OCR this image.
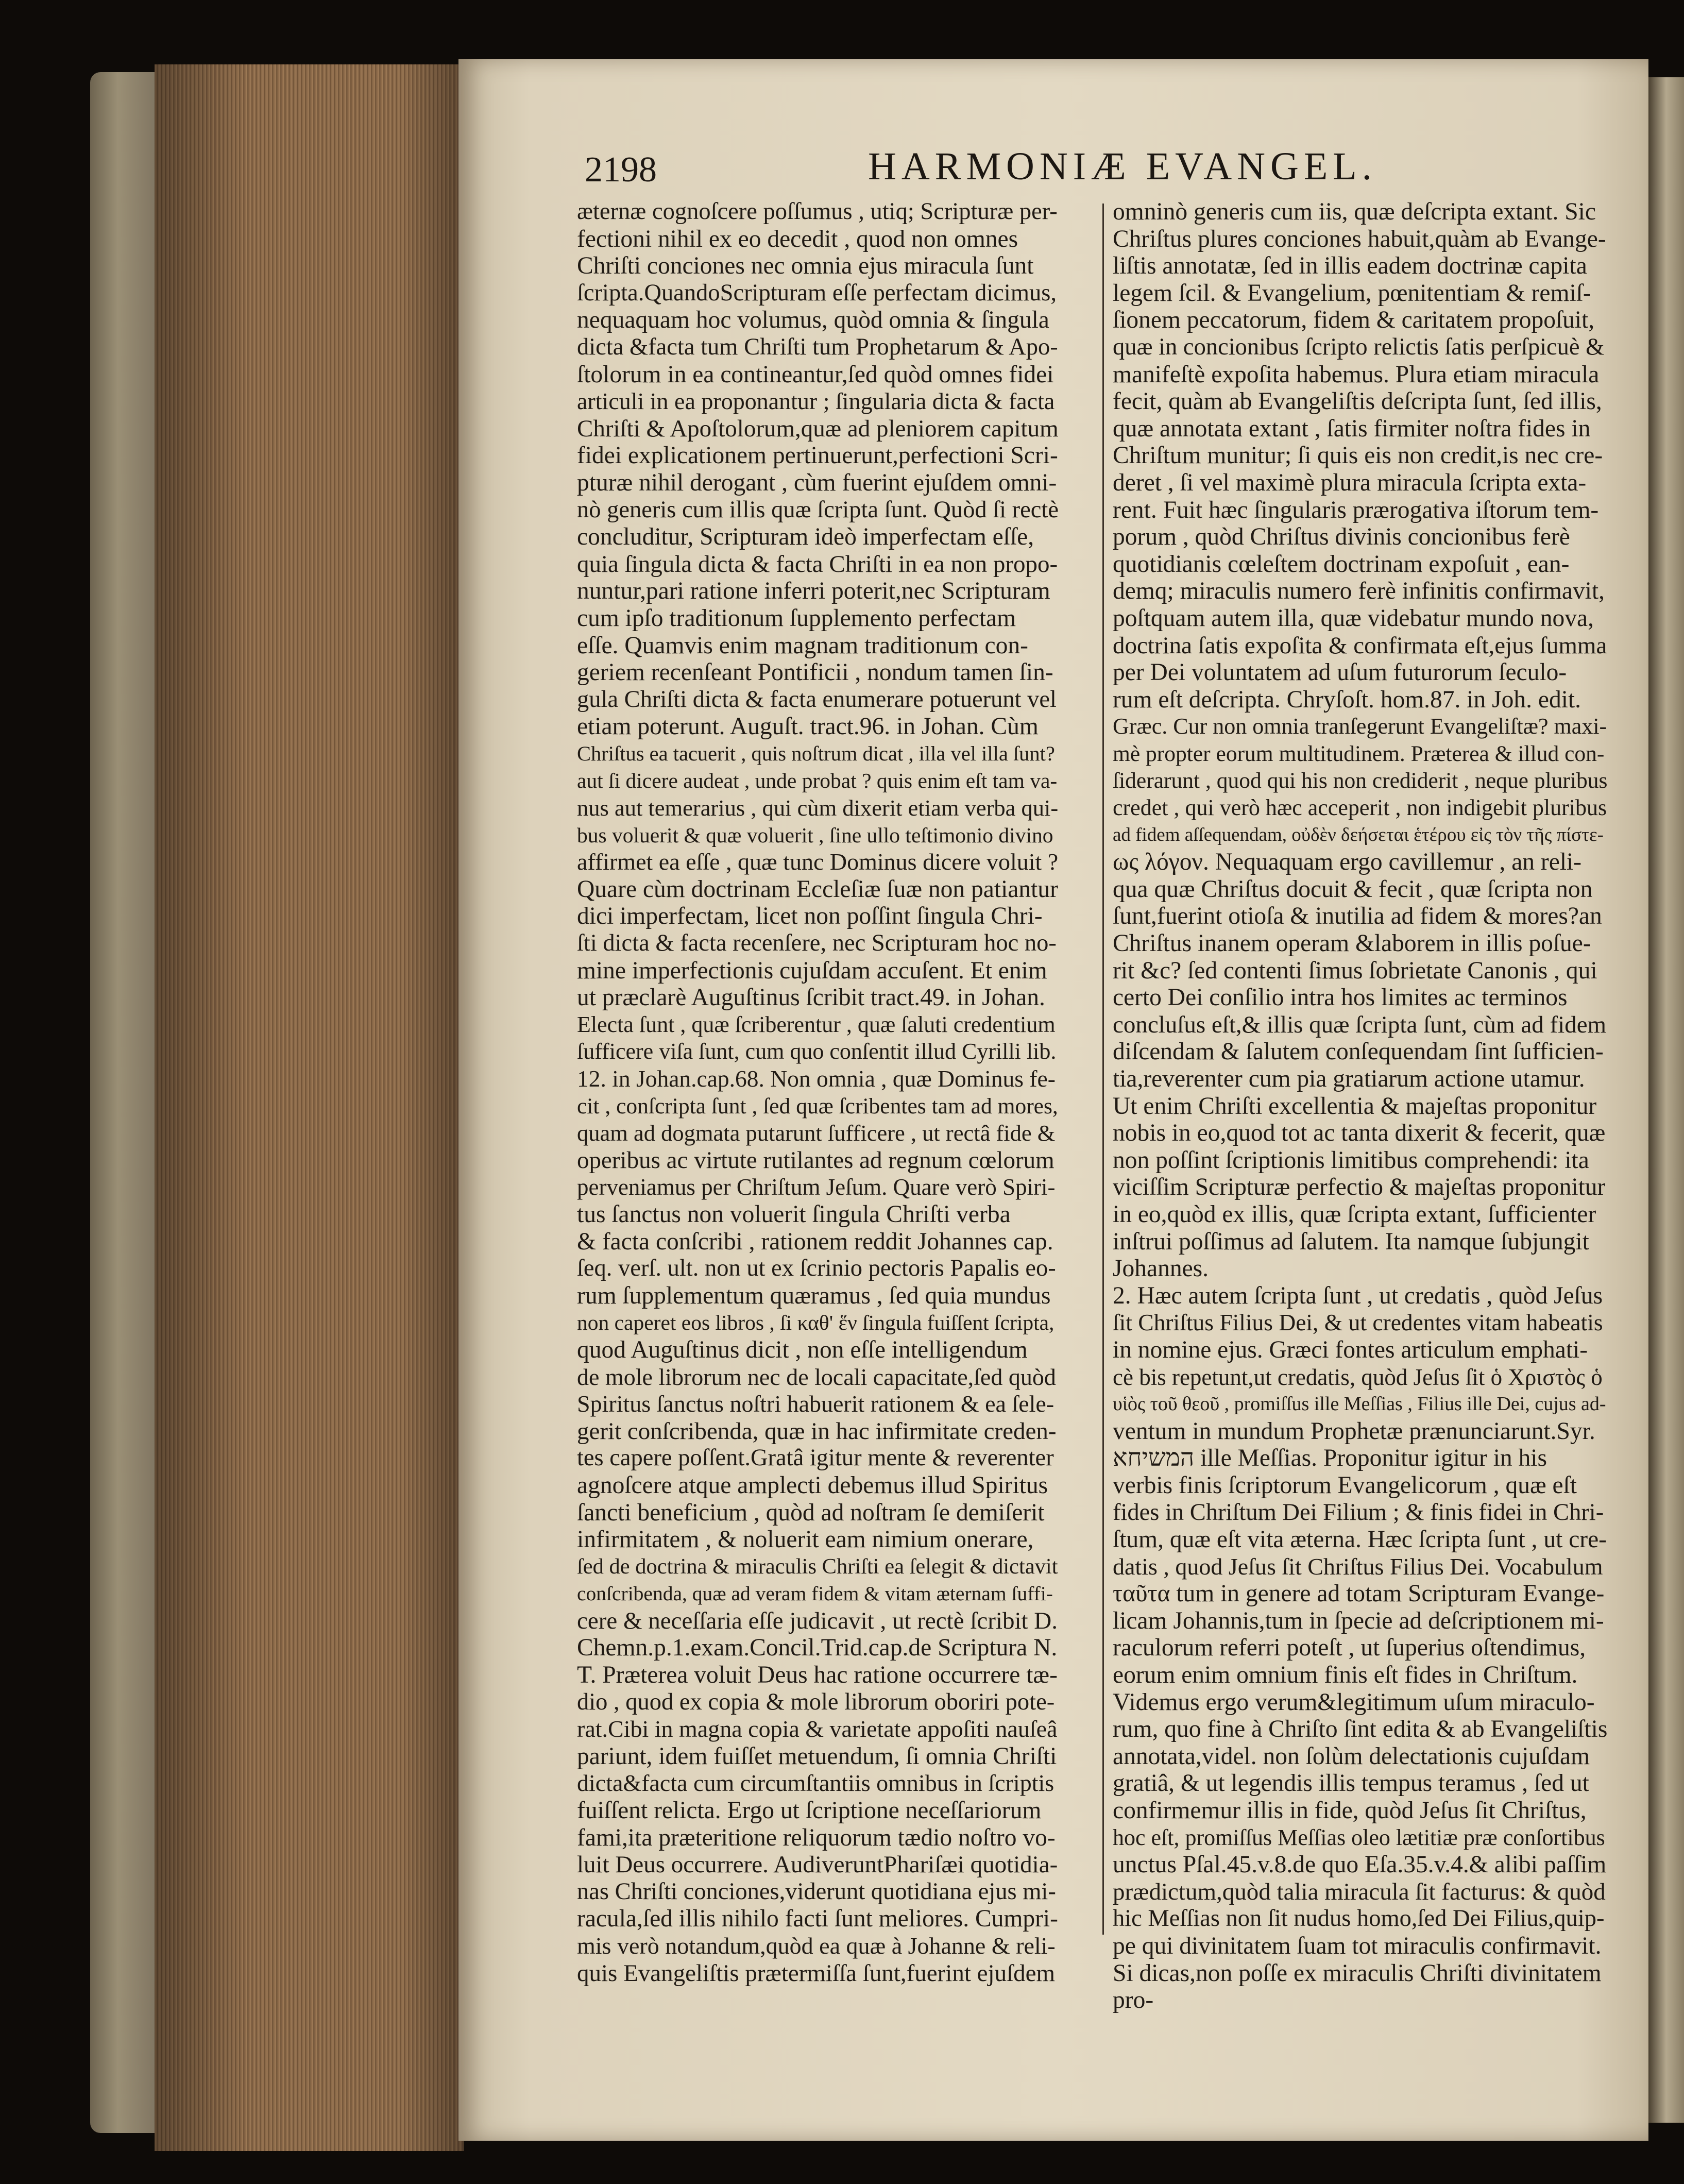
2198	HARMONIÆ EVANGEL.
æternæ cognoſcere poſſumus , utiq; Scripturæ per-
fectioni nihil ex eo decedit , quod non omnes
Chriſti conciones nec omnia ejus miracula ſunt
ſcripta.QuandoScripturam eſſe perfectam dicimus,
nequaquam hoc volumus, quòd omnia & ſingula
dicta &facta tum Chriſti tum Prophetarum & Apo-
ſtolorum in ea contineantur,ſed quòd omnes fidei
articuli in ea proponantur ; ſingularia dicta & facta
Chriſti & Apoſtolorum,quæ ad pleniorem capitum
fidei explicationem pertinuerunt,perfectioni Scri-
pturæ nihil derogant , cùm fuerint ejuſdem omni-
nò generis cum illis quæ ſcripta ſunt. Quòd ſi rectè
concluditur, Scripturam ideò imperfectam eſſe,
quia ſingula dicta & facta Chriſti in ea non propo-
nuntur,pari ratione inferri poterit,nec Scripturam
cum ipſo traditionum ſupplemento perfectam
eſſe. Quamvis enim magnam traditionum con-
geriem recenſeant Pontificii , nondum tamen ſin-
gula Chriſti dicta & facta enumerare potuerunt vel
etiam poterunt. Auguſt. tract.96. in Johan. Cùm
Chriſtus ea tacuerit , quis noſtrum dicat , illa vel illa ſunt?
aut ſi dicere audeat , unde probat ? quis enim eſt tam va-
nus aut temerarius , qui cùm dixerit etiam verba qui-
bus voluerit & quæ voluerit , ſine ullo teſtimonio divino
affirmet ea eſſe , quæ tunc Dominus dicere voluit ?
Quare cùm doctrinam Eccleſiæ ſuæ non patiantur
dici imperfectam, licet non poſſint ſingula Chri-
ſti dicta & facta recenſere, nec Scripturam hoc no-
mine imperfectionis cujuſdam accuſent. Et enim
ut præclarè Auguſtinus ſcribit tract.49. in Johan.
Electa ſunt , quæ ſcriberentur , quæ ſaluti credentium
ſufficere viſa ſunt, cum quo conſentit illud Cyrilli lib.
12. in Johan.cap.68. Non omnia , quæ Dominus fe-
cit , conſcripta ſunt , ſed quæ ſcribentes tam ad mores,
quam ad dogmata putarunt ſufficere , ut rectâ fide &
operibus ac virtute rutilantes ad regnum cœlorum
perveniamus per Chriſtum Jeſum. Quare verò Spiri-
tus ſanctus non voluerit ſingula Chriſti verba
& facta conſcribi , rationem reddit Johannes cap.
ſeq. verſ. ult. non ut ex ſcrinio pectoris Papalis eo-
rum ſupplementum quæramus , ſed quia mundus
non caperet eos libros , ſi καθ' ἕν ſingula fuiſſent ſcripta,
quod Auguſtinus dicit , non eſſe intelligendum
de mole librorum nec de locali capacitate,ſed quòd
Spiritus ſanctus noſtri habuerit rationem & ea ſele-
gerit conſcribenda, quæ in hac infirmitate creden-
tes capere poſſent.Gratâ igitur mente & reverenter
agnoſcere atque amplecti debemus illud Spiritus
ſancti beneficium , quòd ad noſtram ſe demiſerit
infirmitatem , & noluerit eam nimium onerare,
ſed de doctrina & miraculis Chriſti ea ſelegit & dictavit
conſcribenda, quæ ad veram fidem & vitam æternam ſuffi-
cere & neceſſaria eſſe judicavit , ut rectè ſcribit D.
Chemn.p.1.exam.Concil.Trid.cap.de Scriptura N.
T. Præterea voluit Deus hac ratione occurrere tæ-
dio , quod ex copia & mole librorum oboriri pote-
rat.Cibi in magna copia & varietate appoſiti nauſeâ
pariunt, idem fuiſſet metuendum, ſi omnia Chriſti
dicta&facta cum circumſtantiis omnibus in ſcriptis
fuiſſent relicta. Ergo ut ſcriptione neceſſariorum
fami,ita præteritione reliquorum tædio noſtro vo-
luit Deus occurrere. AudiveruntPhariſæi quotidia-
nas Chriſti conciones,viderunt quotidiana ejus mi-
racula,ſed illis nihilo facti ſunt meliores. Cumpri-
mis verò notandum,quòd ea quæ à Johanne & reli-
quis Evangeliſtis prætermiſſa ſunt,fuerint ejuſdem
omninò generis cum iis, quæ deſcripta extant. Sic
Chriſtus plures conciones habuit,quàm ab Evange-
liſtis annotatæ, ſed in illis eadem doctrinæ capita
legem ſcil. & Evangelium, pœnitentiam & remiſ-
ſionem peccatorum, fidem & caritatem propoſuit,
quæ in concionibus ſcripto relictis ſatis perſpicuè &
manifeſtè expoſita habemus. Plura etiam miracula
fecit, quàm ab Evangeliſtis deſcripta ſunt, ſed illis,
quæ annotata extant , ſatis firmiter noſtra fides in
Chriſtum munitur; ſi quis eis non credit,is nec cre-
deret , ſi vel maximè plura miracula ſcripta exta-
rent. Fuit hæc ſingularis prærogativa iſtorum tem-
porum , quòd Chriſtus divinis concionibus ferè
quotidianis cœleſtem doctrinam expoſuit , ean-
demq; miraculis numero ferè infinitis confirmavit,
poſtquam autem illa, quæ videbatur mundo nova,
doctrina ſatis expoſita & confirmata eſt,ejus ſumma
per Dei voluntatem ad uſum futurorum ſeculo-
rum eſt deſcripta. Chryſoſt. hom.87. in Joh. edit.
Græc. Cur non omnia tranſegerunt Evangeliſtæ? maxi-
mè propter eorum multitudinem. Præterea & illud con-
ſiderarunt , quod qui his non crediderit , neque pluribus
credet , qui verò hæc acceperit , non indigebit pluribus
ad fidem aſſequendam, οὐδὲν δεήσεται ἑτέρου εἰς τὸν τῆς πίστε-
ως λόγον. Nequaquam ergo cavillemur , an reli-
qua quæ Chriſtus docuit & fecit , quæ ſcripta non
ſunt,fuerint otioſa & inutilia ad fidem & mores?an
Chriſtus inanem operam &laborem in illis poſue-
rit &c? ſed contenti ſimus ſobrietate Canonis , qui
certo Dei conſilio intra hos limites ac terminos
concluſus eſt,& illis quæ ſcripta ſunt, cùm ad fidem
diſcendam & ſalutem conſequendam ſint ſufficien-
tia,reverenter cum pia gratiarum actione utamur.
Ut enim Chriſti excellentia & majeſtas proponitur
nobis in eo,quod tot ac tanta dixerit & fecerit, quæ
non poſſint ſcriptionis limitibus comprehendi: ita
viciſſim Scripturæ perfectio & majeſtas proponitur
in eo,quòd ex illis, quæ ſcripta extant, ſufficienter
inſtrui poſſimus ad ſalutem. Ita namque ſubjungit
Johannes.
2. Hæc autem ſcripta ſunt , ut credatis , quòd Jeſus
ſit Chriſtus Filius Dei, & ut credentes vitam habeatis
in nomine ejus. Græci fontes articulum emphati-
cè bis repetunt,ut credatis, quòd Jeſus ſit ὁ Χριστὸς ὁ
υἱὸς τοῦ θεοῦ , promiſſus ille Meſſias , Filius ille Dei, cujus ad-
ventum in mundum Prophetæ prænunciarunt.Syr.
המשיחא ille Meſſias. Proponitur igitur in his
verbis finis ſcriptorum Evangelicorum , quæ eſt
fides in Chriſtum Dei Filium ; & finis fidei in Chri-
ſtum, quæ eſt vita æterna. Hæc ſcripta ſunt , ut cre-
datis , quod Jeſus ſit Chriſtus Filius Dei. Vocabulum
ταῦτα tum in genere ad totam Scripturam Evange-
licam Johannis,tum in ſpecie ad deſcriptionem mi-
raculorum referri poteſt , ut ſuperius oſtendimus,
eorum enim omnium finis eſt fides in Chriſtum.
Videmus ergo verum&legitimum uſum miraculo-
rum, quo fine à Chriſto ſint edita & ab Evangeliſtis
annotata,videl. non ſolùm delectationis cujuſdam
gratiâ, & ut legendis illis tempus teramus , ſed ut
confirmemur illis in fide, quòd Jeſus ſit Chriſtus,
hoc eſt, promiſſus Meſſias oleo lætitiæ præ conſortibus
unctus Pſal.45.v.8.de quo Eſa.35.v.4.& alibi paſſim
prædictum,quòd talia miracula ſit facturus: & quòd
hic Meſſias non ſit nudus homo,ſed Dei Filius,quip-
pe qui divinitatem ſuam tot miraculis confirmavit.
Si dicas,non poſſe ex miraculis Chriſti divinitatem
pro-
